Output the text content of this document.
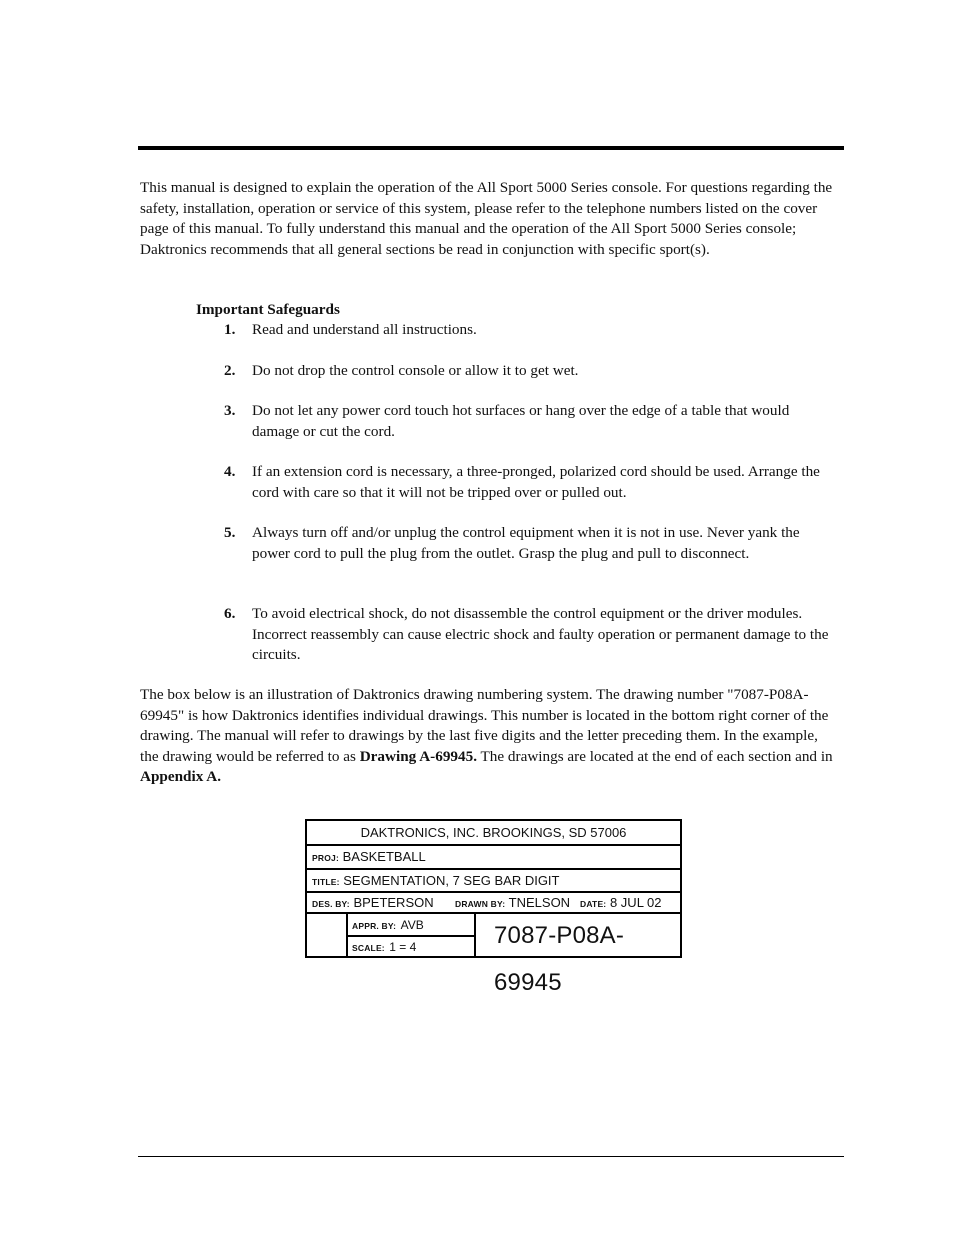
This manual is designed to explain the operation of the All Sport 5000 Series console. For questions regarding the safety, installation, operation or service of this system, please refer to the telephone numbers listed on the cover page of this manual. To fully understand this manual and the operation of the All Sport 5000 Series console; Daktronics recommends that all general sections be read in conjunction with specific sport(s).

Important Safeguards
1.	Read and understand all instructions.
2.	Do not drop the control console or allow it to get wet.
3.	Do not let any power cord touch hot surfaces or hang over the edge of a table that would damage or cut the cord.
4.	If an extension cord is necessary, a three-pronged, polarized cord should be used. Arrange the cord with care so that it will not be tripped over or pulled out.
5.	Always turn off and/or unplug the control equipment when it is not in use. Never yank the power cord to pull the plug from the outlet. Grasp the plug and pull to disconnect.
6.	To avoid electrical shock, do not disassemble the control equipment or the driver modules. Incorrect reassembly can cause electric shock and faulty operation or permanent damage to the circuits.

The box below is an illustration of Daktronics drawing numbering system. The drawing number "7087-P08A-69945" is how Daktronics identifies individual drawings. This number is located in the bottom right corner of the drawing. The manual will refer to drawings by the last five digits and the letter preceding them. In the example, the drawing would be referred to as Drawing A-69945. The drawings are located at the end of each section and in Appendix A.

DAKTRONICS, INC. BROOKINGS, SD 57006
PROJ: BASKETBALL
TITLE: SEGMENTATION, 7 SEG BAR DIGIT
DES. BY: BPETERSON	DRAWN BY: TNELSON DATE: 8 JUL 02
APPR. BY: AVB
SCALE: 1 = 4	7087-P08A-69945
